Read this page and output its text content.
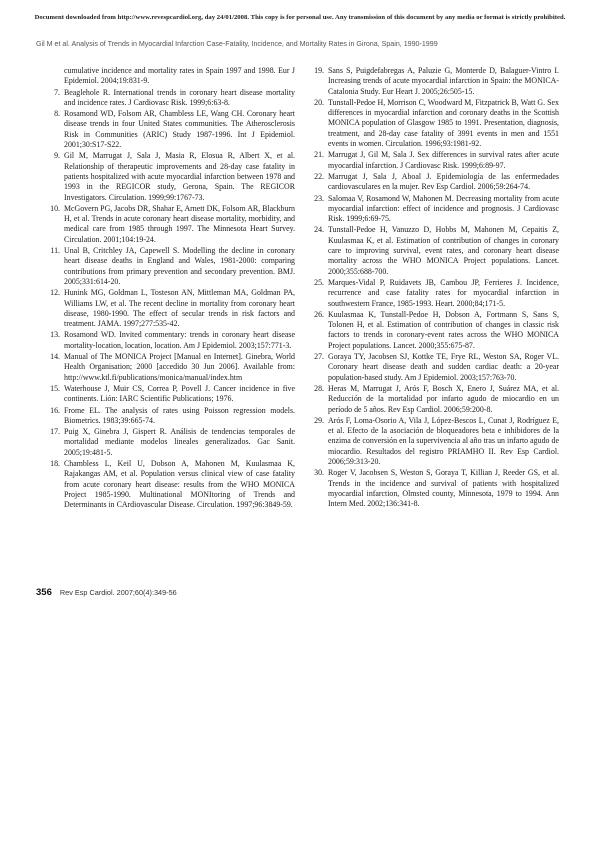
Document downloaded from http://www.revespcardiol.org, day 24/01/2008. This copy is for personal use. Any transmission of this document by any media or format is strictly prohibited.
Gil M et al. Analysis of Trends in Myocardial Infarction Case-Fatality, Incidence, and Mortality Rates in Girona, Spain, 1990-1999
cumulative incidence and mortality rates in Spain 1997 and 1998. Eur J Epidemiol. 2004;19:831-9.
7. Beaglehole R. International trends in coronary heart disease mortality and incidence rates. J Cardiovasc Risk. 1999;6:63-8.
8. Rosamond WD, Folsom AR, Chambless LE, Wang CH. Coronary heart disease trends in four United States communities. The Atherosclerosis Risk in Communities (ARIC) Study 1987-1996. Int J Epidemiol. 2001;30:S17-S22.
9. Gil M, Marrugat J, Sala J, Masia R, Elosua R, Albert X, et al. Relationship of therapeutic improvements and 28-day case fatality in patients hospitalized with acute myocardial infarction between 1978 and 1993 in the REGICOR study, Gerona, Spain. The REGICOR Investigators. Circulation. 1999;99:1767-73.
10. McGovern PG, Jacobs DR, Shahar E, Arnett DK, Folsom AR, Blackburn H, et al. Trends in acute coronary heart disease mortality, morbidity, and medical care from 1985 through 1997. The Minnesota Heart Survey. Circulation. 2001;104:19-24.
11. Unal B, Critchley JA, Capewell S. Modelling the decline in coronary heart disease deaths in England and Wales, 1981-2000: comparing contributions from primary prevention and secondary prevention. BMJ. 2005;331:614-20.
12. Hunink MG, Goldman L, Tosteson AN, Mittleman MA, Goldman PA, Williams LW, et al. The recent decline in mortality from coronary heart disease, 1980-1990. The effect of secular trends in risk factors and treatment. JAMA. 1997;277:535-42.
13. Rosamond WD. Invited commentary: trends in coronary heart disease mortality-location, location, location. Am J Epidemiol. 2003;157:771-3.
14. Manual of The MONICA Project [Manual en Internet]. Ginebra, World Health Organisation; 2000 [accedido 30 Jun 2006]. Available from: http://www.ktl.fi/publications/monica/manual/index.htm
15. Waterhouse J, Muir CS, Correa P, Povell J. Cancer incidence in five continents. Lión: IARC Scientific Publications; 1976.
16. Frome EL. The analysis of rates using Poisson regression models. Biometrics. 1983;39:665-74.
17. Puig X, Ginebra J, Gispert R. Análisis de tendencias temporales de mortalidad mediante modelos lineales generalizados. Gac Sanit. 2005;19:481-5.
18. Chambless L, Keil U, Dobson A, Mahonen M, Kuulasmaa K, Rajakangas AM, et al. Population versus clinical view of case fatality from acute coronary heart disease: results from the WHO MONICA Project 1985-1990. Multinational MONItoring of Trends and Determinants in CArdiovascular Disease. Circulation. 1997;96:3849-59.
19. Sans S, Puigdefabregas A, Paluzie G, Monterde D, Balaguer-Vintro I. Increasing trends of acute myocardial infarction in Spain: the MONICA-Catalonia Study. Eur Heart J. 2005;26:505-15.
20. Tunstall-Pedoe H, Morrison C, Woodward M, Fitzpatrick B, Watt G. Sex differences in myocardial infarction and coronary deaths in the Scottish MONICA population of Glasgow 1985 to 1991. Presentation, diagnosis, treatment, and 28-day case fatality of 3991 events in men and 1551 events in women. Circulation. 1996;93:1981-92.
21. Marrugat J, Gil M, Sala J. Sex differences in survival rates after acute myocardial infarction. J Cardiovasc Risk. 1999;6:89-97.
22. Marrugat J, Sala J, Aboal J. Epidemiología de las enfermedades cardiovasculares en la mujer. Rev Esp Cardiol. 2006;59:264-74.
23. Salomaa V, Rosamond W, Mahonen M. Decreasing mortality from acute myocardial infarction: effect of incidence and prognosis. J Cardiovasc Risk. 1999;6:69-75.
24. Tunstall-Pedoe H, Vanuzzo D, Hobbs M, Mahonen M, Cepaitis Z, Kuulasmaa K, et al. Estimation of contribution of changes in coronary care to improving survival, event rates, and coronary heart disease mortality across the WHO MONICA Project populations. Lancet. 2000;355:688-700.
25. Marques-Vidal P, Ruidavets JB, Cambou JP, Ferrieres J. Incidence, recurrence and case fatality rates for myocardial infarction in southwestern France, 1985-1993. Heart. 2000;84;171-5.
26. Kuulasmaa K, Tunstall-Pedoe H, Dobson A, Fortmann S, Sans S, Tolonen H, et al. Estimation of contribution of changes in classic risk factors to trends in coronary-event rates across the WHO MONICA Project populations. Lancet. 2000;355:675-87.
27. Goraya TY, Jacobsen SJ, Kottke TE, Frye RL, Weston SA, Roger VL. Coronary heart disease death and sudden cardiac death: a 20-year population-based study. Am J Epidemiol. 2003;157:763-70.
28. Heras M, Marrugat J, Arós F, Bosch X, Enero J, Suárez MA, et al. Reducción de la mortalidad por infarto agudo de miocardio en un período de 5 años. Rev Esp Cardiol. 2006;59:200-8.
29. Arós F, Loma-Osorio A, Vila J, López-Bescos L, Cunat J, Rodríguez E, et al. Efecto de la asociación de bloqueadores beta e inhibidores de la enzima de conversión en la supervivencia al año tras un infarto agudo de miocardio. Resultados del registro PRIAMHO II. Rev Esp Cardiol. 2006;59:313-20.
30. Roger V, Jacobsen S, Weston S, Goraya T, Killian J, Reeder GS, et al. Trends in the incidence and survival of patients with hospitalized myocardial infarction, Olmsted county, Minnesota, 1979 to 1994. Ann Intern Med. 2002;136:341-8.
356 Rev Esp Cardiol. 2007;60(4):349-56
